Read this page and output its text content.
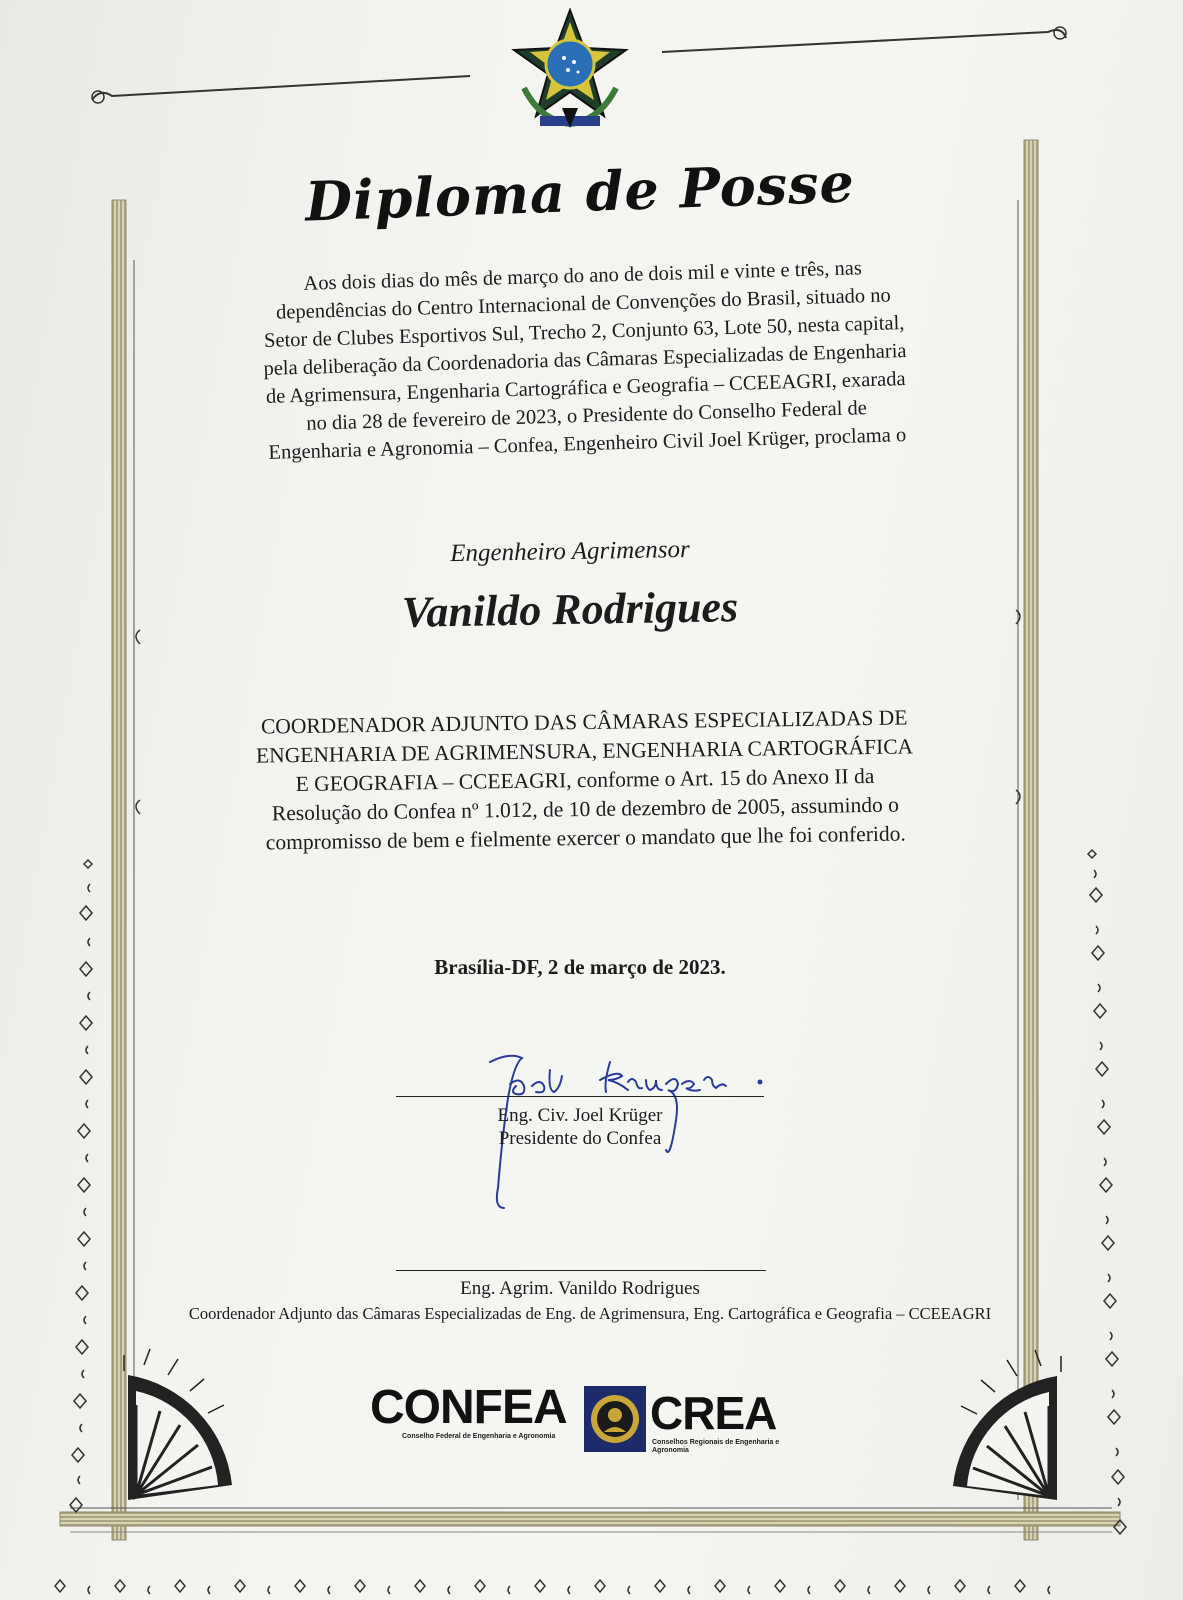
Diploma de Posse
Aos dois dias do mês de março do ano de dois mil e vinte e três, nas
dependências do Centro Internacional de Convenções do Brasil, situado no
Setor de Clubes Esportivos Sul, Trecho 2, Conjunto 63, Lote 50, nesta capital,
pela deliberação da Coordenadoria das Câmaras Especializadas de Engenharia
de Agrimensura, Engenharia Cartográfica e Geografia – CCEEAGRI, exarada
no dia 28 de fevereiro de 2023, o Presidente do Conselho Federal de
Engenharia e Agronomia – Confea, Engenheiro Civil Joel Krüger, proclama o
Engenheiro Agrimensor
Vanildo Rodrigues
COORDENADOR ADJUNTO DAS CÂMARAS ESPECIALIZADAS DE
ENGENHARIA DE AGRIMENSURA, ENGENHARIA CARTOGRÁFICA
E GEOGRAFIA – CCEEAGRI, conforme o Art. 15 do Anexo II da
Resolução do Confea nº 1.012, de 10 de dezembro de 2005, assumindo o
compromisso de bem e fielmente exercer o mandato que lhe foi conferido.
Brasília-DF, 2 de março de 2023.
Eng. Civ. Joel Krüger
Presidente do Confea
Eng. Agrim. Vanildo Rodrigues
Coordenador Adjunto das Câmaras Especializadas de Eng. de Agrimensura, Eng. Cartográfica e Geografia – CCEEAGRI
CONFEA
Conselho Federal de Engenharia e Agronomia CREA
Conselhos Regionais de Engenharia e Agronomia
